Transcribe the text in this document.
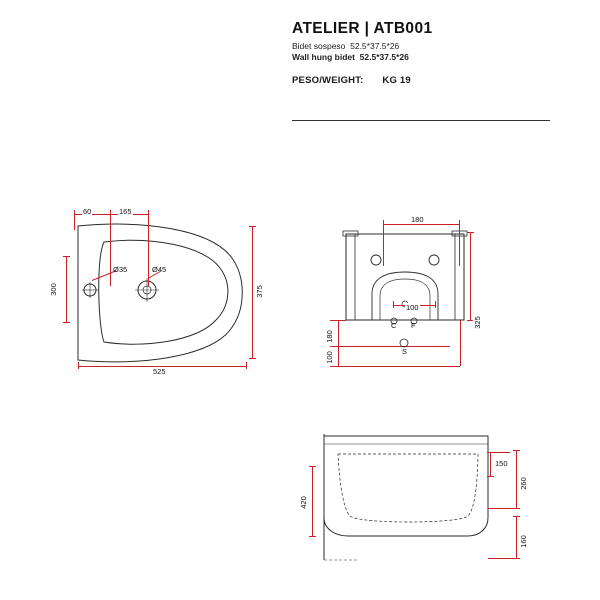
ATELIER | ATB001
Bidet sospeso  52.5*37.5*26
Wall hung bidet  52.5*37.5*26
PESO/WEIGHT: KG 19
60	165
300	375
525
Ø35	Ø45
180
100
325
180
100
C F
S
150
260
160
420
